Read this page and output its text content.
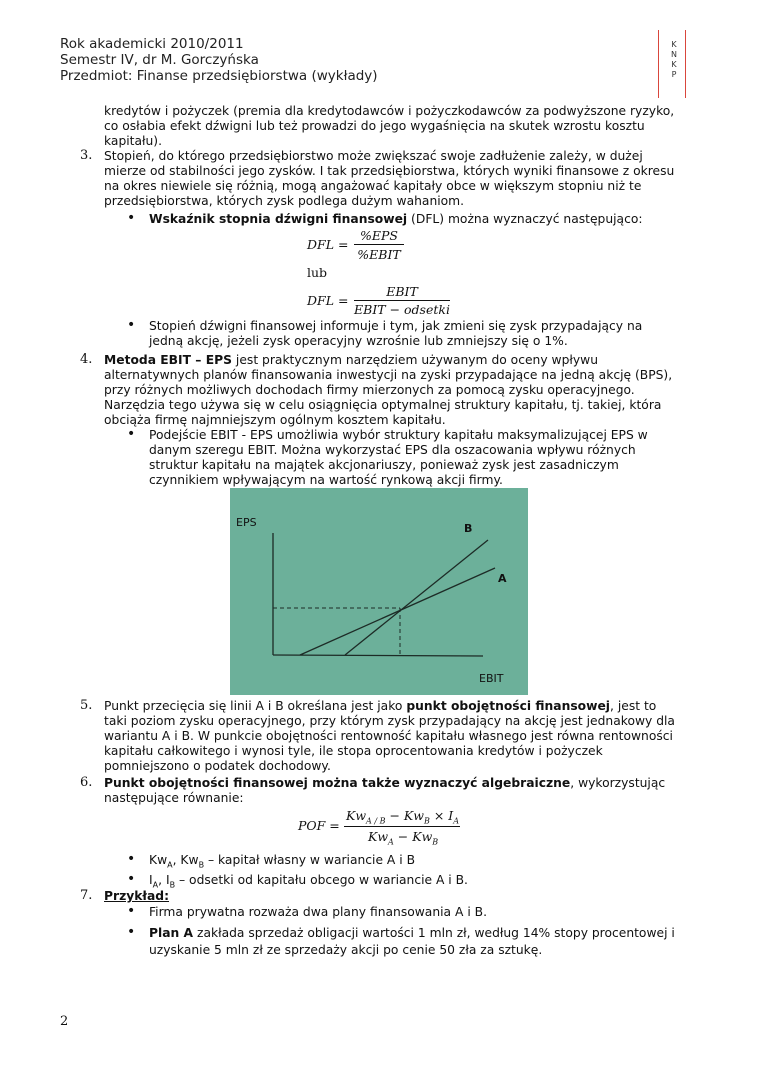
Rok akademicki 2010/2011
Semestr IV, dr M. Gorczyńska
Przedmiot: Finanse przedsiębiorstwa (wykłady)
K N K P
kredytów i pożyczek (premia dla kredytodawców i pożyczkodawców za podwyższone ryzyko,
co osłabia efekt dźwigni lub też prowadzi do jego wygaśnięcia na skutek wzrostu kosztu
kapitału).
3. Stopień, do którego przedsiębiorstwo może zwiększać swoje zadłużenie zależy, w dużej
mierze od stabilności jego zysków. I tak przedsiębiorstwa, których wyniki finansowe z okresu
na okres niewiele się różnią, mogą angażować kapitały obce w większym stopniu niż te
przedsiębiorstwa, których zysk podlega dużym wahaniom.
• Wskaźnik stopnia dźwigni finansowej (DFL) można wyznaczyć następująco:
DFL =
%EPS
%EBIT
lub
DFL =
EBIT
EBIT − odsetki
• Stopień dźwigni finansowej informuje i tym, jak zmieni się zysk przypadający na
jedną akcję, jeżeli zysk operacyjny wzrośnie lub zmniejszy się o 1%.
4. Metoda EBIT – EPS jest praktycznym narzędziem używanym do oceny wpływu
alternatywnych planów finansowania inwestycji na zyski przypadające na jedną akcję (BPS),
przy różnych możliwych dochodach firmy mierzonych za pomocą zysku operacyjnego.
Narzędzia tego używa się w celu osiągnięcia optymalnej struktury kapitału, tj. takiej, która
obciąża firmę najmniejszym ogólnym kosztem kapitału.
• Podejście EBIT - EPS umożliwia wybór struktury kapitału maksymalizującej EPS w
danym szeregu EBIT. Można wykorzystać EPS dla oszacowania wpływu różnych
struktur kapitału na majątek akcjonariuszy, ponieważ zysk jest zasadniczym
czynnikiem wpływającym na wartość rynkową akcji firmy.
EPS
EBIT
B
A
5. Punkt przecięcia się linii A i B określana jest jako punkt obojętności finansowej, jest to
taki poziom zysku operacyjnego, przy którym zysk przypadający na akcję jest jednakowy dla
wariantu A i B. W punkcie obojętności rentowność kapitału własnego jest równa rentowności
kapitału całkowitego i wynosi tyle, ile stopa oprocentowania kredytów i pożyczek
pomniejszono o podatek dochodowy.
6. Punkt obojętności finansowej można także wyznaczyć algebraiczne, wykorzystując
następujące równanie:
POF =
$Kw_{A / B} - Kw_B \times I_A$
$Kw_A - Kw_B$
• $Kw_A$, $Kw_B$ – kapitał własny w wariancie A i B
• $I_A$, $I_B$ – odsetki od kapitału obcego w wariancie A i B.
7. Przykład:
• Firma prywatna rozważa dwa plany finansowania A i B.
• Plan A zakłada sprzedaż obligacji wartości 1 mln zł, według 14% stopy procentowej i
uzyskanie 5 mln zł ze sprzedaży akcji po cenie 50 zła za sztukę.
2
